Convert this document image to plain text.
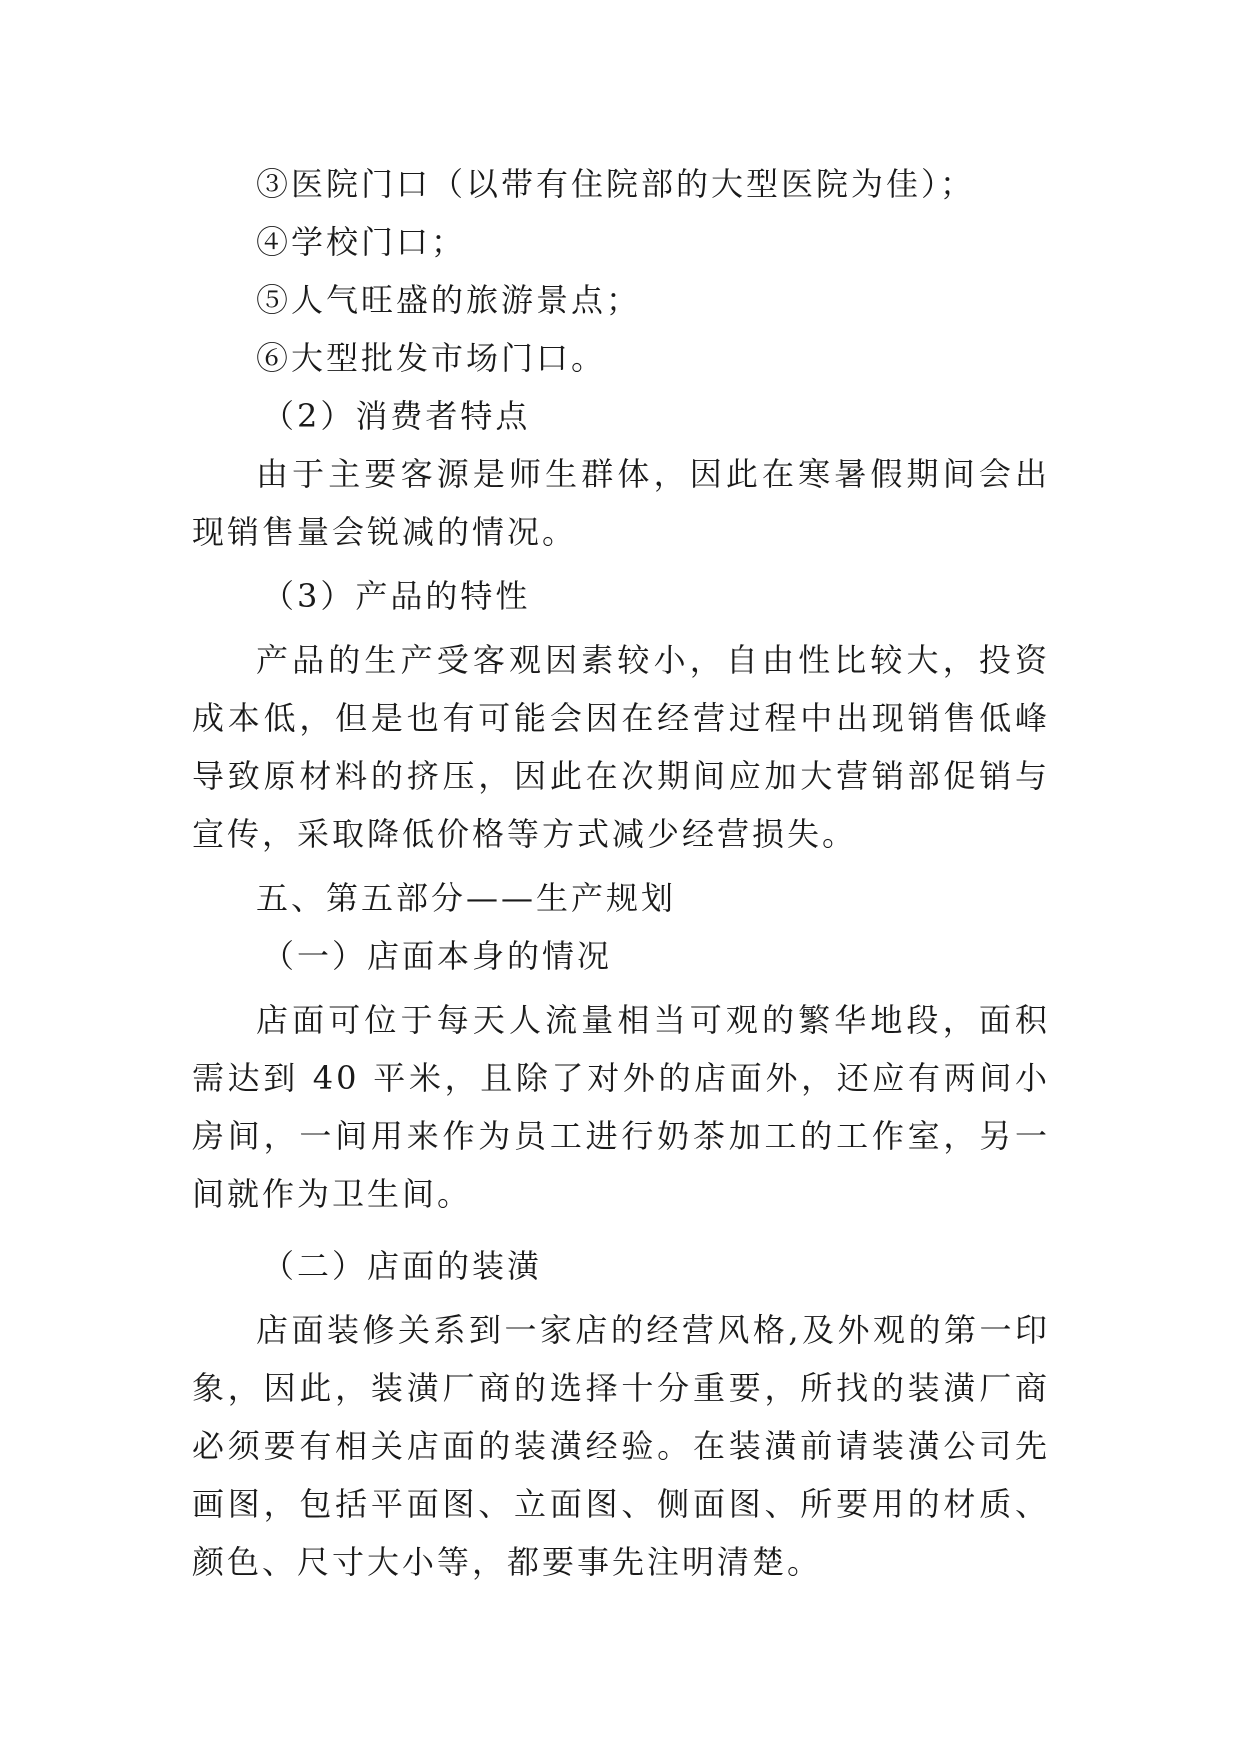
③医院门口（以带有住院部的大型医院为佳）；
④学校门口；
⑤人气旺盛的旅游景点；
⑥大型批发市场门口。
（2）消费者特点

由于主要客源是师生群体，因此在寒暑假期间会出现销售量会锐减的情况。

（3）产品的特性

产品的生产受客观因素较小，自由性比较大，投资成本低，但是也有可能会因在经营过程中出现销售低峰导致原材料的挤压，因此在次期间应加大营销部促销与宣传，采取降低价格等方式减少经营损失。

五、第五部分——生产规划
（一）店面本身的情况

店面可位于每天人流量相当可观的繁华地段，面积需达到 40 平米，且除了对外的店面外，还应有两间小房间，一间用来作为员工进行奶茶加工的工作室，另一间就作为卫生间。

（二）店面的装潢

店面装修关系到一家店的经营风格,及外观的第一印象，因此，装潢厂商的选择十分重要，所找的装潢厂商必须要有相关店面的装潢经验。在装潢前请装潢公司先画图，包括平面图、立面图、侧面图、所要用的材质、颜色、尺寸大小等，都要事先注明清楚。
